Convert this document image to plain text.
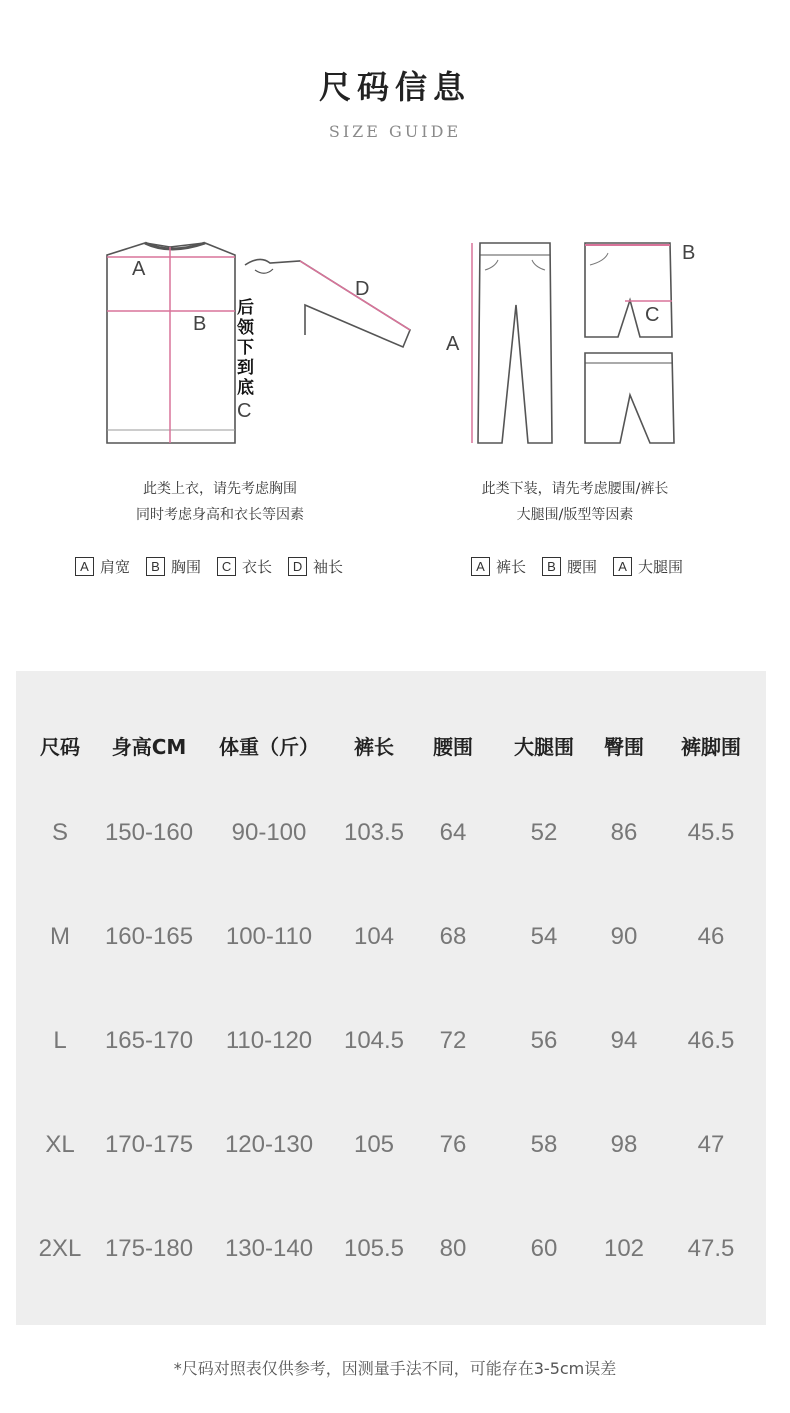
尺码信息
SIZE GUIDE
A
B
C
D
后 领 下 到 底
A
B
C
此类上衣，请先考虑胸围
同时考虑身高和衣长等因素
此类下装，请先考虑腰围/裤长
大腿围/版型等因素
A 肩宽	B 胸围	C 衣长	D 袖长	A 裤长	B 腰围	A 大腿围
尺码 身高CM 体重（斤） 裤长 腰围 大腿围 臀围 裤脚围
S 150-160 90-100 103.5 64	52 86 45.5
M 160-165 100-110 104 68	54 90	46
L 165-170 110-120 104.5 72	56 94 46.5
XL 170-175 120-130 105 76	58 98	47
2XL 175-180 130-140 105.5 80	60 102 47.5
*尺码对照表仅供参考，因测量手法不同，可能存在3-5cm误差
